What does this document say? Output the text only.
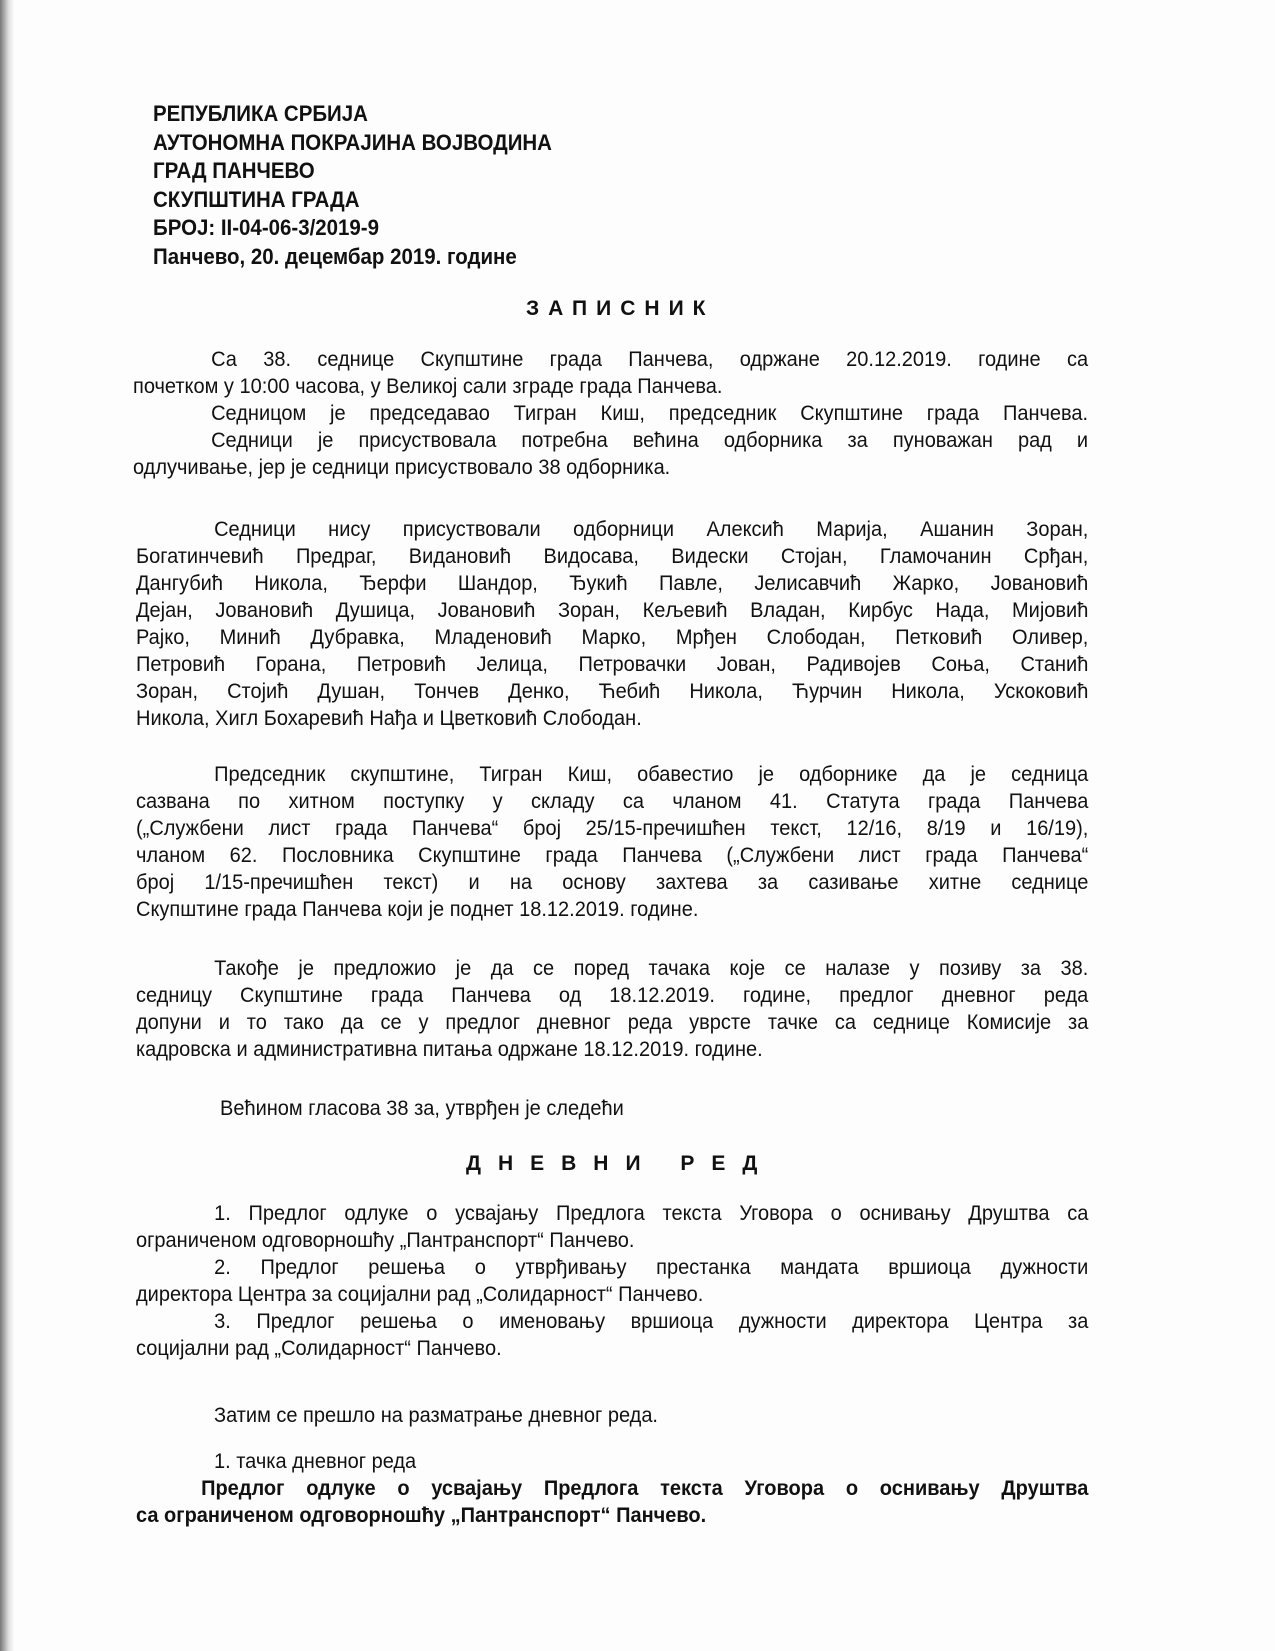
РЕПУБЛИКА СРБИЈА
АУТОНОМНА ПОКРАЈИНА ВОЈВОДИНА
ГРАД ПАНЧЕВО
СКУПШТИНА ГРАДА
БРОЈ: II-04-06-3/2019-9
Панчево, 20. децембар 2019. године
ЗАПИСНИК
Са 38. седнице Скупштине града Панчева, одржане 20.12.2019. године са
почетком у 10:00 часова, у Великој сали зграде града Панчева.
Седницом је председавао Тигран Киш, председник Скупштине града Панчева.
Седници је присуствовала потребна већина одборника за пуноважан рад и
одлучивање, јер је седници присуствовало 38 одборника.
Седници нису присуствовали одборници Алексић Марија, Ашанин Зоран,
Богатинчевић Предраг, Видановић Видосава, Видески Стојан, Гламочанин Срђан,
Дангубић Никола, Ђерфи Шандор, Ђукић Павле, Јелисавчић Жарко, Јовановић
Дејан, Јовановић Душица, Јовановић Зоран, Кељевић Владан, Кирбус Нада, Мијовић
Рајко, Минић Дубравка, Младеновић Марко, Мрђен Слободан, Петковић Оливер,
Петровић Горана, Петровић Јелица, Петровачки Јован, Радивојев Соња, Станић
Зоран, Стојић Душан, Тончев Денко, Ћебић Никола, Ћурчин Никола, Ускоковић
Никола, Хигл Бохаревић Нађа и Цветковић Слободан.
Председник скупштине, Тигран Киш, обавестио је одборнике да је седница
сазвана по хитном поступку у складу са чланом 41. Статута града Панчева
(„Службени лист града Панчева“ број 25/15-пречишћен текст, 12/16, 8/19 и 16/19),
чланом 62. Пословника Скупштине града Панчева („Службени лист града Панчева“
број 1/15-пречишћен текст) и на основу захтева за сазивање хитне седнице
Скупштине града Панчева који је поднет 18.12.2019. године.
Такође је предложио је да се поред тачака које се налазе у позиву за 38.
седницу Скупштине града Панчева од 18.12.2019. године, предлог дневног реда
допуни и то тако да се у предлог дневног реда уврсте тачке са седнице Комисије за
кадровска и административна питања одржане 18.12.2019. године.
Већином гласова 38 за, утврђен је следећи
ДНЕВНИ РЕД
1. Предлог одлуке о усвајању Предлога текста Уговора о оснивању Друштва са
ограниченом одговорношћу „Пантранспорт“ Панчево.
2. Предлог решења о утврђивању престанка мандата вршиоца дужности
директора Центра за социјални рад „Солидарност“ Панчево.
3. Предлог решења о именовању вршиоца дужности директора Центра за
социјални рад „Солидарност“ Панчево.
Затим се прешло на разматрање дневног реда.
1. тачка дневног реда
Предлог одлуке о усвајању Предлога текста Уговора о оснивању Друштва
са ограниченом одговорношћу „Пантранспорт“ Панчево.
